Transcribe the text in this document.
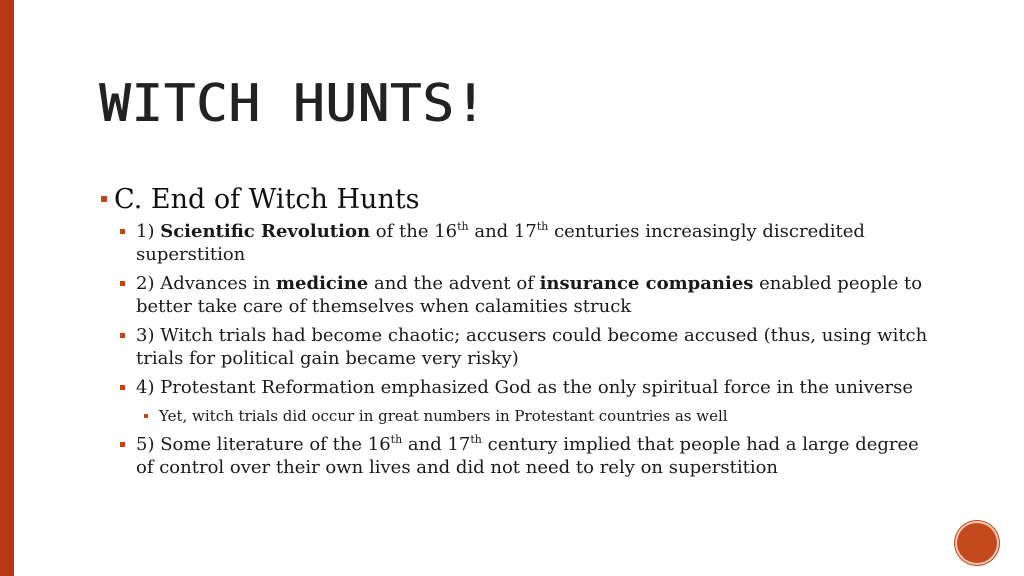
WITCH HUNTS!
C. End of Witch Hunts
1) Scientific Revolution of the 16th and 17th centuries increasingly discredited superstition
2) Advances in medicine and the advent of insurance companies enabled people to better take care of themselves when calamities struck
3) Witch trials had become chaotic; accusers could become accused (thus, using witch trials for political gain became very risky)
4) Protestant Reformation emphasized God as the only spiritual force in the universe
Yet, witch trials did occur in great numbers in Protestant countries as well
5) Some literature of the 16th and 17th century implied that people had a large degree of control over their own lives and did not need to rely on superstition
